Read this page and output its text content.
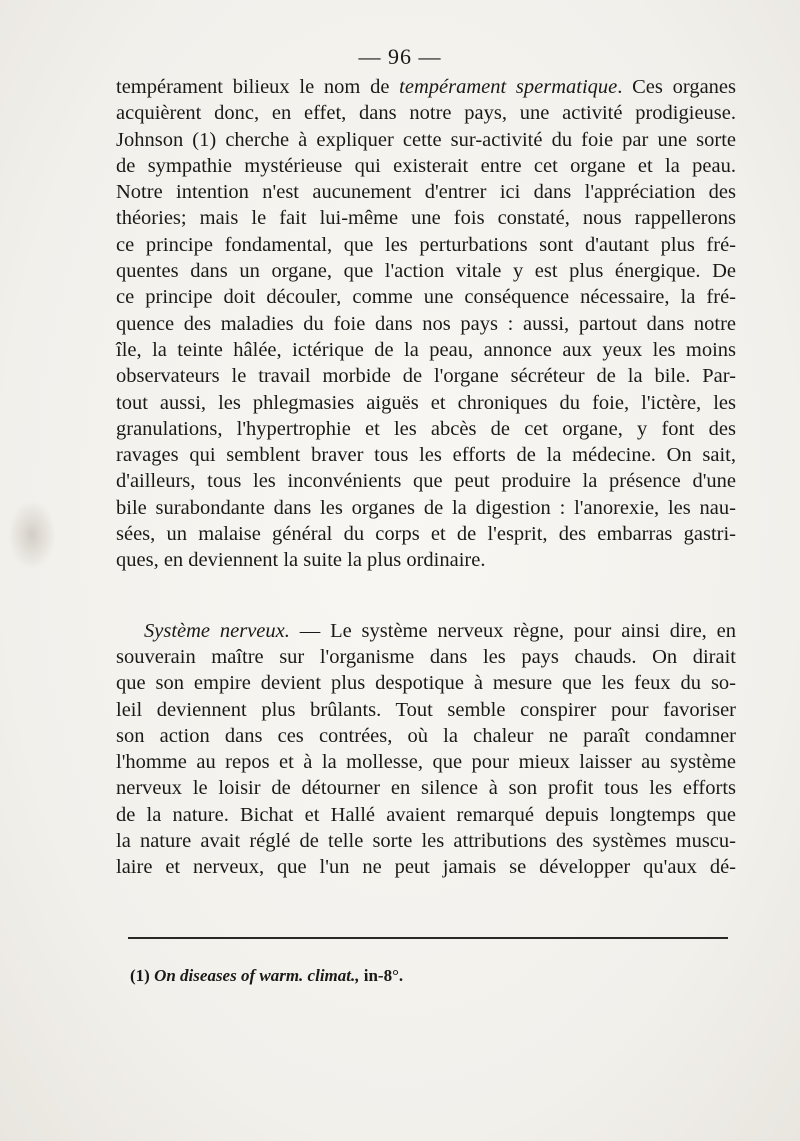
— 96 —

tempérament bilieux le nom de tempérament spermatique. Ces organes

acquièrent donc, en effet, dans notre pays, une activité prodigieuse.

Johnson (1) cherche à expliquer cette sur-activité du foie par une sorte

de sympathie mystérieuse qui existerait entre cet organe et la peau.

Notre intention n'est aucunement d'entrer ici dans l'appréciation des

théories; mais le fait lui-même une fois constaté, nous rappellerons

ce principe fondamental, que les perturbations sont d'autant plus fré-

quentes dans un organe, que l'action vitale y est plus énergique. De

ce principe doit découler, comme une conséquence nécessaire, la fré-

quence des maladies du foie dans nos pays : aussi, partout dans notre

île, la teinte hâlée, ictérique de la peau, annonce aux yeux les moins

observateurs le travail morbide de l'organe sécréteur de la bile. Par-

tout aussi, les phlegmasies aiguës et chroniques du foie, l'ictère, les

granulations, l'hypertrophie et les abcès de cet organe, y font des

ravages qui semblent braver tous les efforts de la médecine. On sait,

d'ailleurs, tous les inconvénients que peut produire la présence d'une

bile surabondante dans les organes de la digestion : l'anorexie, les nau-

sées, un malaise général du corps et de l'esprit, des embarras gastri-

ques, en deviennent la suite la plus ordinaire.

Système nerveux. — Le système nerveux règne, pour ainsi dire, en

souverain maître sur l'organisme dans les pays chauds. On dirait

que son empire devient plus despotique à mesure que les feux du so-

leil deviennent plus brûlants. Tout semble conspirer pour favoriser

son action dans ces contrées, où la chaleur ne paraît condamner

l'homme au repos et à la mollesse, que pour mieux laisser au système

nerveux le loisir de détourner en silence à son profit tous les efforts

de la nature. Bichat et Hallé avaient remarqué depuis longtemps que

la nature avait réglé de telle sorte les attributions des systèmes muscu-

laire et nerveux, que l'un ne peut jamais se développer qu'aux dé-

(1) On diseases of warm. climat., in-8°.
